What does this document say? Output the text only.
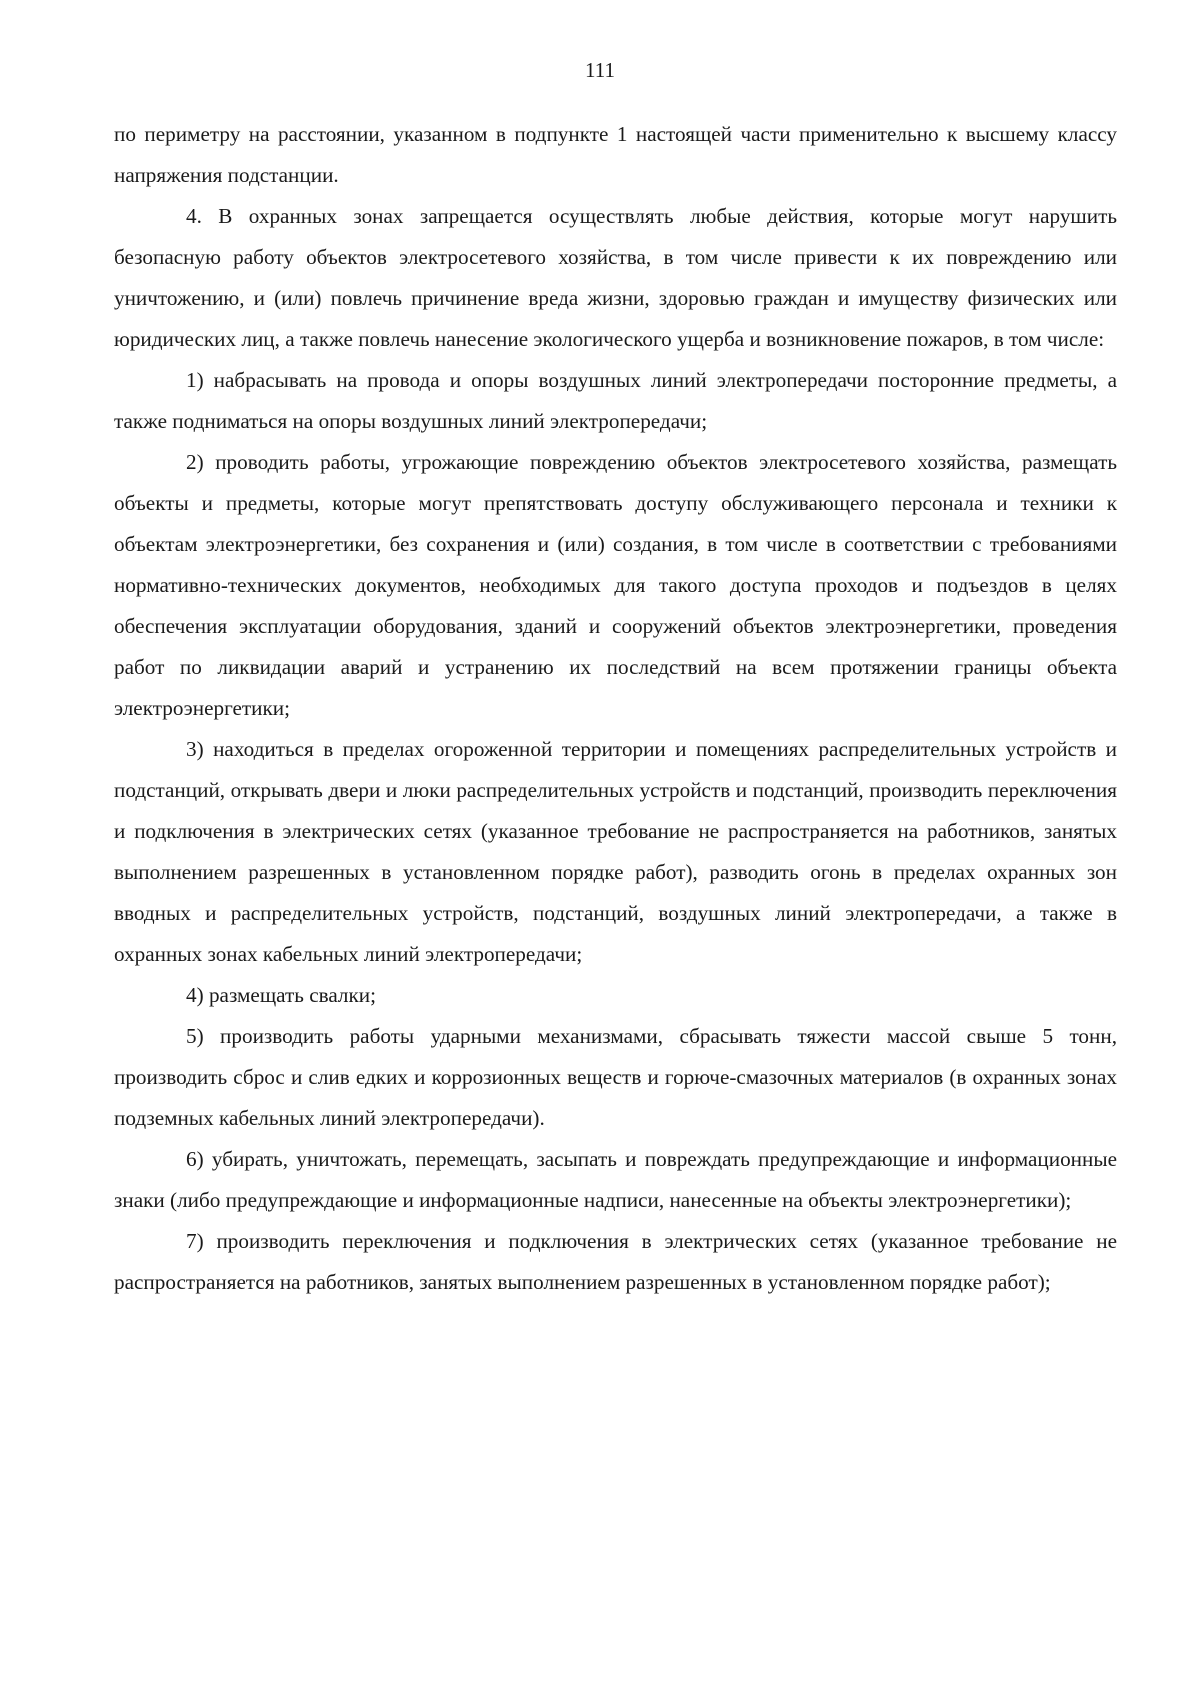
111

по периметру на расстоянии, указанном в подпункте 1 настоящей части применительно к высшему классу напряжения подстанции.

4. В охранных зонах запрещается осуществлять любые действия, которые могут нарушить безопасную работу объектов электросетевого хозяйства, в том числе привести к их повреждению или уничтожению, и (или) повлечь причинение вреда жизни, здоровью граждан и имуществу физических или юридических лиц, а также повлечь нанесение экологического ущерба и возникновение пожаров, в том числе:

1) набрасывать на провода и опоры воздушных линий электропередачи посторонние предметы, а также подниматься на опоры воздушных линий электропередачи;

2) проводить работы, угрожающие повреждению объектов электросетевого хозяйства, размещать объекты и предметы, которые могут препятствовать доступу обслуживающего персонала и техники к объектам электроэнергетики, без сохранения и (или) создания, в том числе в соответствии с требованиями нормативно-технических документов, необходимых для такого доступа проходов и подъездов в целях обеспечения эксплуатации оборудования, зданий и сооружений объектов электроэнергетики, проведения работ по ликвидации аварий и устранению их последствий на всем протяжении границы объекта электроэнергетики;

3) находиться в пределах огороженной территории и помещениях распределительных устройств и подстанций, открывать двери и люки распределительных устройств и подстанций, производить переключения и подключения в электрических сетях (указанное требование не распространяется на работников, занятых выполнением разрешенных в установленном порядке работ), разводить огонь в пределах охранных зон вводных и распределительных устройств, подстанций, воздушных линий электропередачи, а также в охранных зонах кабельных линий электропередачи;

4) размещать свалки;

5) производить работы ударными механизмами, сбрасывать тяжести массой свыше 5 тонн, производить сброс и слив едких и коррозионных веществ и горюче-смазочных материалов (в охранных зонах подземных кабельных линий электропередачи).

6) убирать, уничтожать, перемещать, засыпать и повреждать предупреждающие и информационные знаки (либо предупреждающие и информационные надписи, нанесенные на объекты электроэнергетики);

7) производить переключения и подключения в электрических сетях (указанное требование не распространяется на работников, занятых выполнением разрешенных в установленном порядке работ);
